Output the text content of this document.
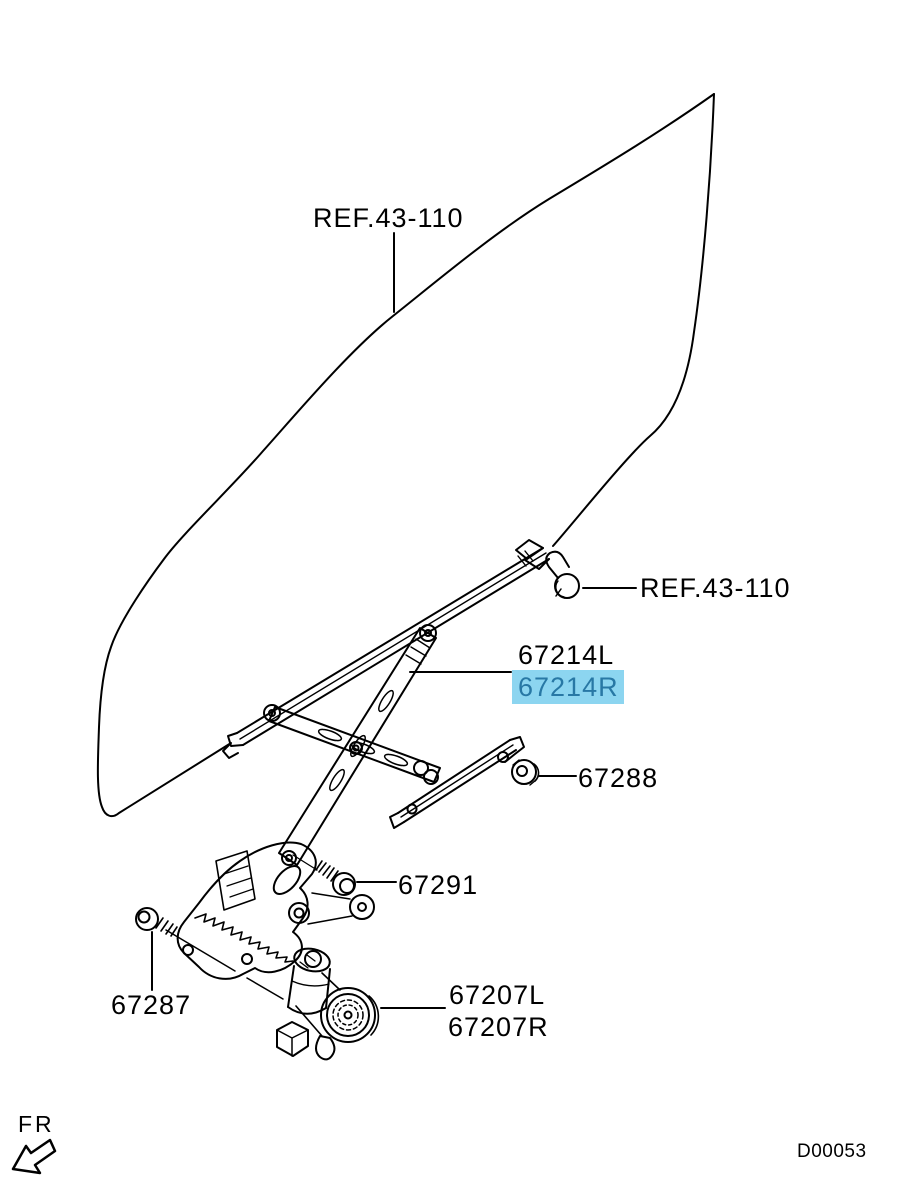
REF.43-110
REF.43-110
67214L
67214R
67288
67291
67287	67207L
67207R
FR
D00053
